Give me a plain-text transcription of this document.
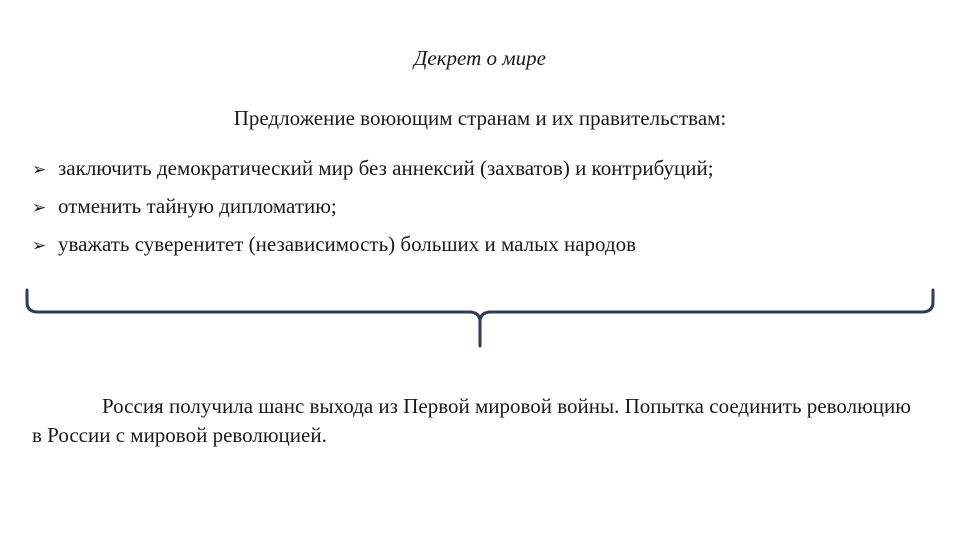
Декрет о мире
Предложение воюющим странам и их правительствам:
➢ заключить демократический мир без аннексий (захватов) и контрибуций;
➢ отменить тайную дипломатию;
➢ уважать суверенитет (независимость) больших и малых народов

Россия получила шанс выхода из Первой мировой войны. Попытка соединить революцию в России с мировой революцией.
